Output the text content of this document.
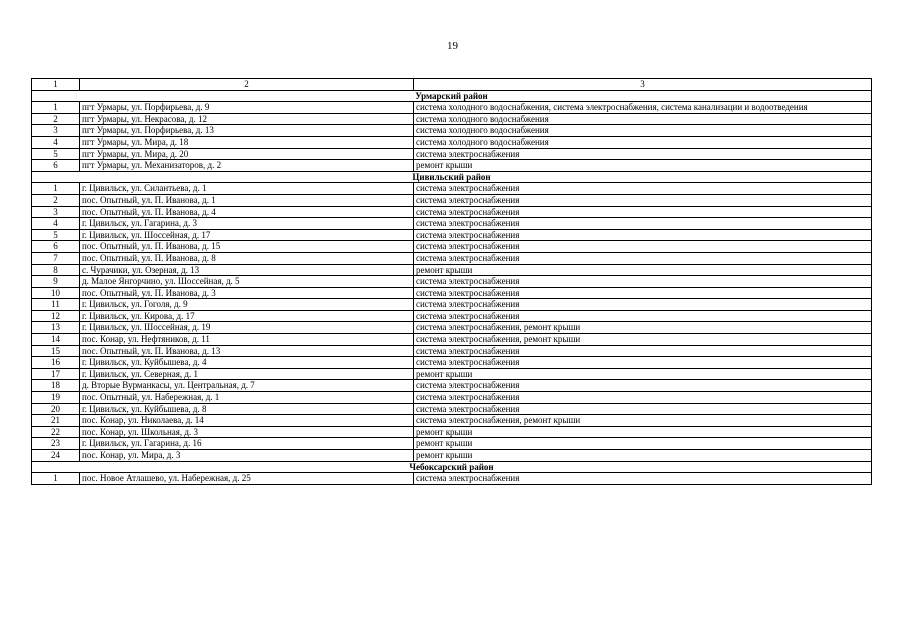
19
1	2	3
Урмарский район		
1	пгт Урмары, ул. Порфирьева, д. 9	система холодного водоснабжения, система электроснабжения, система канализации и водоотведения
2	пгт Урмары, ул. Некрасова, д. 12	система холодного водоснабжения
3	пгт Урмары, ул. Порфирьева, д. 13	система холодного водоснабжения
4	пгт Урмары, ул. Мира, д. 18	система холодного водоснабжения
5	пгт Урмары, ул. Мира, д. 20	система электроснабжения
6	пгт Урмары, ул. Механизаторов, д. 2	ремонт крыши
Цивильский район		
1	г. Цивильск, ул. Силантьева, д. 1	система электроснабжения
2	пос. Опытный, ул. П. Иванова, д. 1	система электроснабжения
3	пос. Опытный, ул. П. Иванова, д. 4	система электроснабжения
4	г. Цивильск, ул. Гагарина, д. 3	система электроснабжения
5	г. Цивильск, ул. Шоссейная, д. 17	система электроснабжения
6	пос. Опытный, ул. П. Иванова, д. 15	система электроснабжения
7	пос. Опытный, ул. П. Иванова, д. 8	система электроснабжения
8	с. Чурачики, ул. Озерная, д. 13	ремонт крыши
9	д. Малое Янгорчино, ул. Шоссейная, д. 5	система электроснабжения
10	пос. Опытный, ул. П. Иванова, д. 3	система электроснабжения
11	г. Цивильск, ул. Гоголя, д. 9	система электроснабжения
12	г. Цивильск, ул. Кирова, д. 17	система электроснабжения
13	г. Цивильск, ул. Шоссейная, д. 19	система электроснабжения, ремонт крыши
14	пос. Конар, ул. Нефтяников, д. 11	система электроснабжения, ремонт крыши
15	пос. Опытный, ул. П. Иванова, д. 13	система электроснабжения
16	г. Цивильск, ул. Куйбышева, д. 4	система электроснабжения
17	г. Цивильск, ул. Северная, д. 1	ремонт крыши
18	д. Вторые Вурманкасы, ул. Центральная, д. 7	система электроснабжения
19	пос. Опытный, ул. Набережная, д. 1	система электроснабжения
20	г. Цивильск, ул. Куйбышева, д. 8	система электроснабжения
21	пос. Конар, ул. Николаева, д. 14	система электроснабжения, ремонт крыши
22	пос. Конар, ул. Школьная, д. 3	ремонт крыши
23	г. Цивильск, ул. Гагарина, д. 16	ремонт крыши
24	пос. Конар, ул. Мира, д. 3	ремонт крыши
Чебоксарский район		
1	пос. Новое Атлашево, ул. Набережная, д. 25	система электроснабжения
